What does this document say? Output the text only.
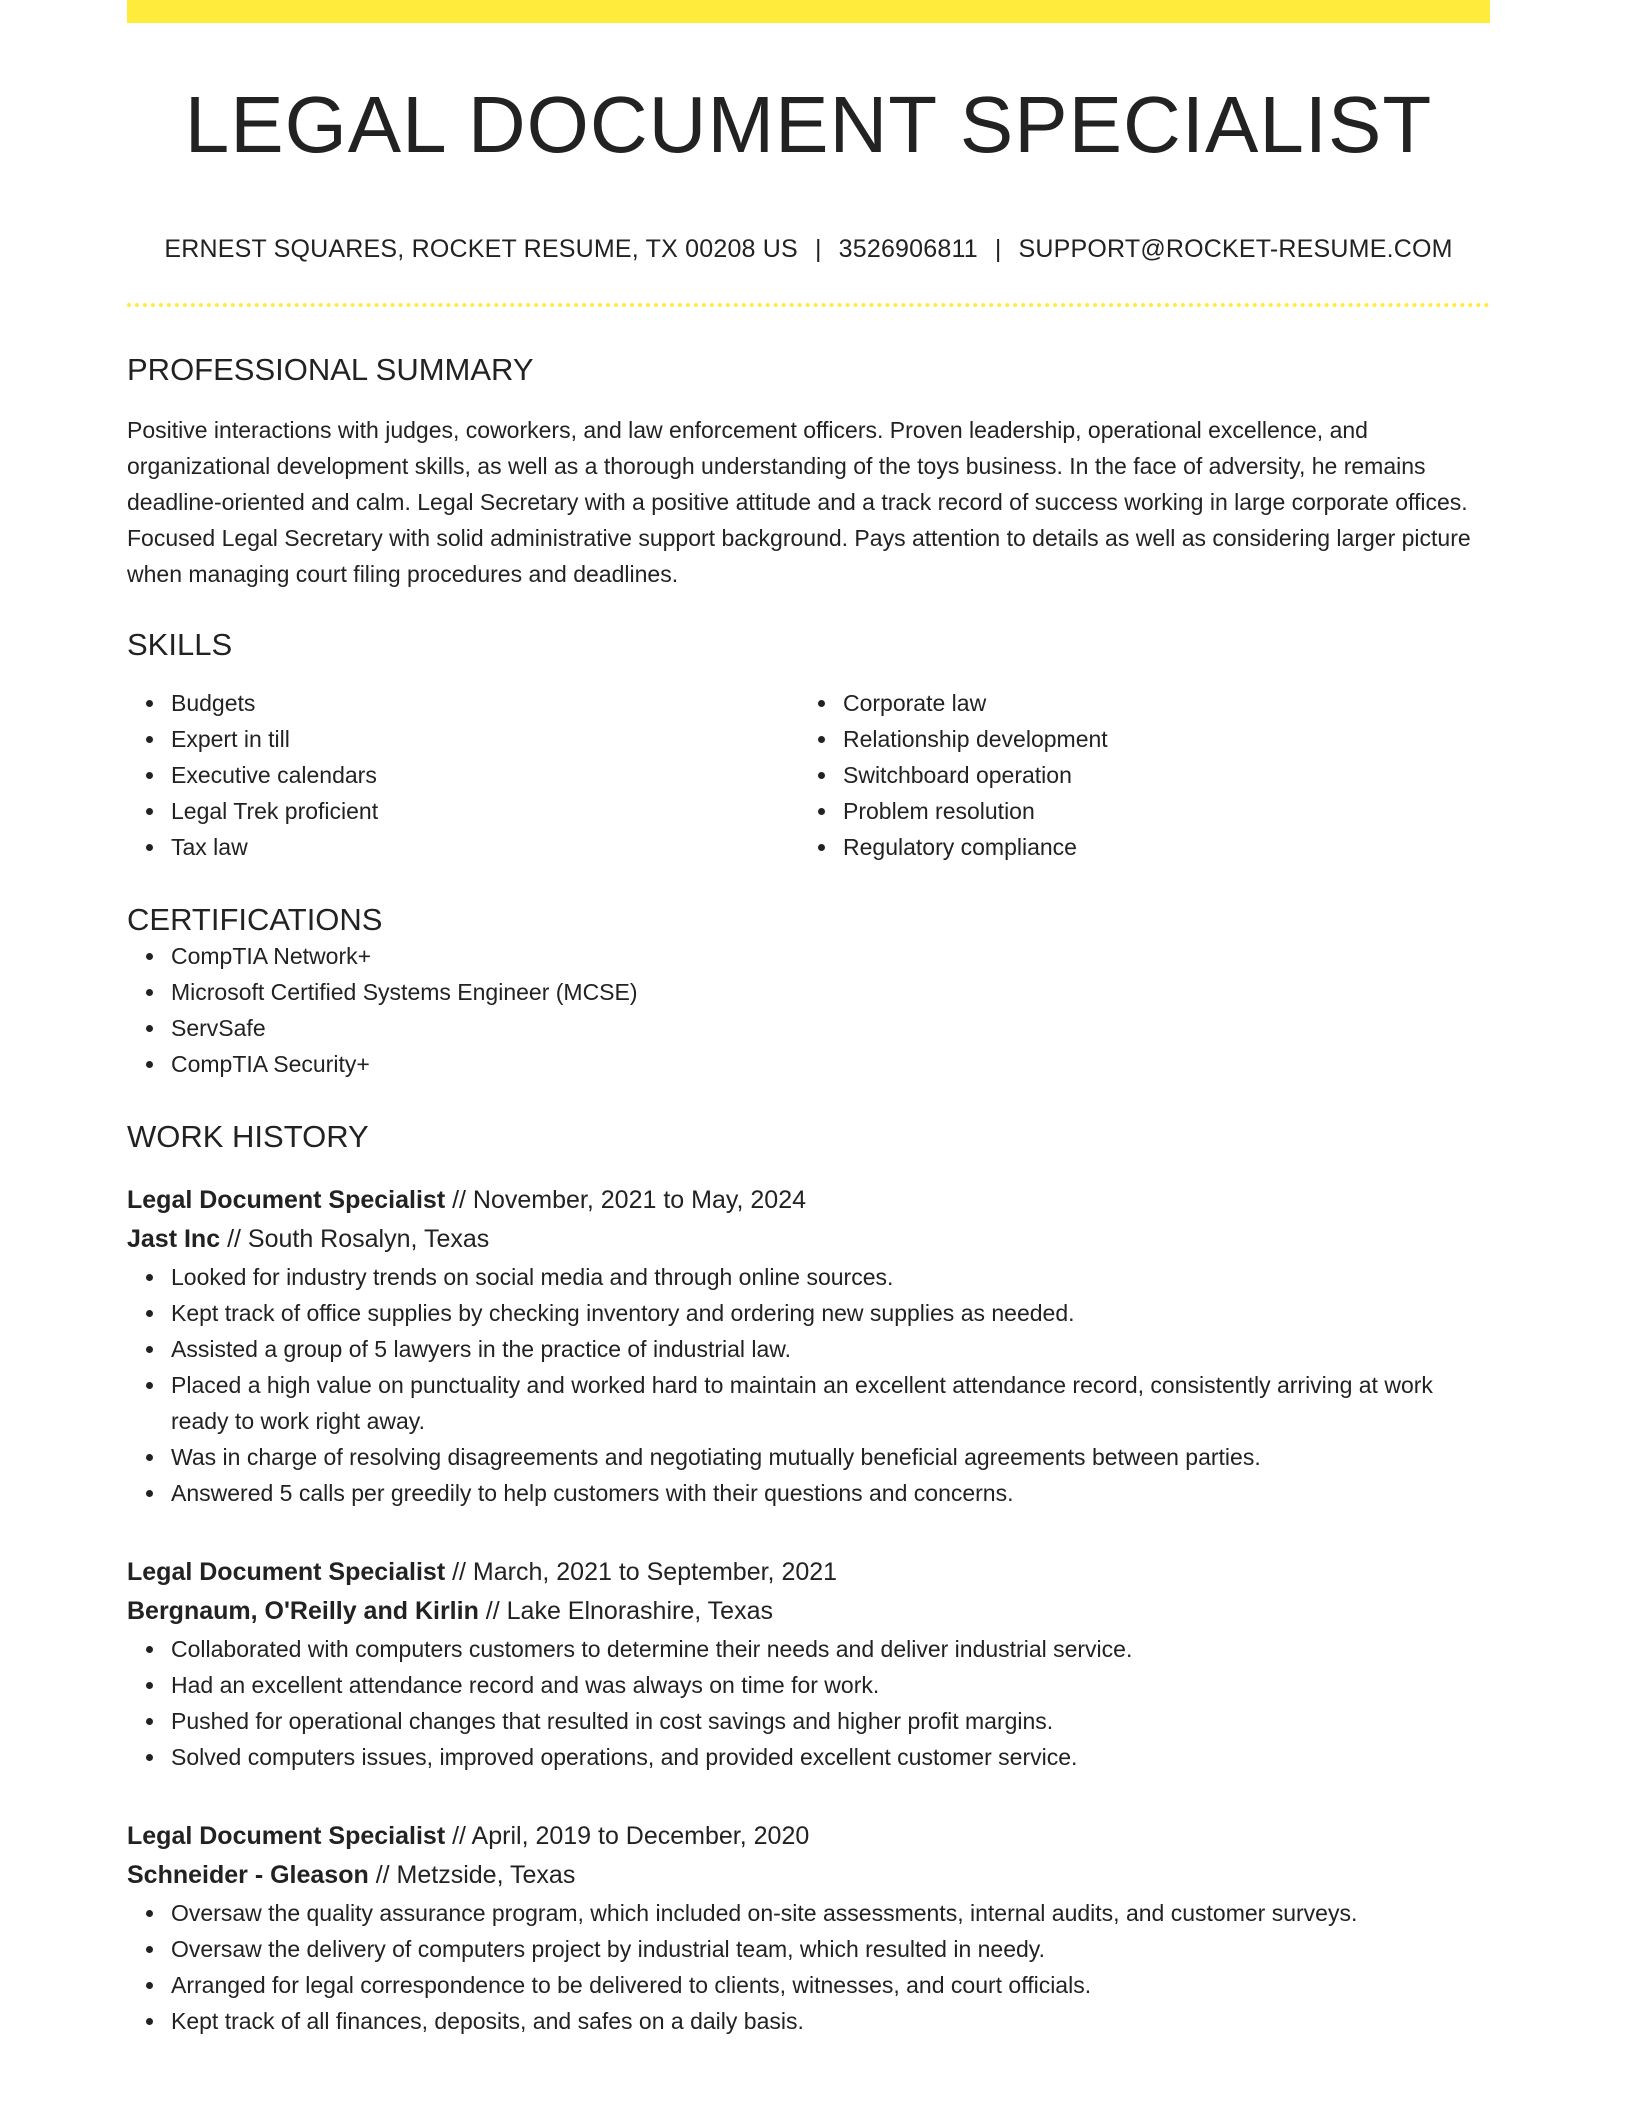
LEGAL DOCUMENT SPECIALIST
ERNEST SQUARES, ROCKET RESUME, TX 00208 US | 3526906811 | SUPPORT@ROCKET-RESUME.COM
PROFESSIONAL SUMMARY

Positive interactions with judges, coworkers, and law enforcement officers. Proven leadership, operational excellence, and organizational development skills, as well as a thorough understanding of the toys business. In the face of adversity, he remains deadline-oriented and calm. Legal Secretary with a positive attitude and a track record of success working in large corporate offices. Focused Legal Secretary with solid administrative support background. Pays attention to details as well as considering larger picture when managing court filing procedures and deadlines.

SKILLS
Budgets
Expert in till
Executive calendars
Legal Trek proficient
Tax law
Corporate law
Relationship development
Switchboard operation
Problem resolution
Regulatory compliance
CERTIFICATIONS
CompTIA Network+
Microsoft Certified Systems Engineer (MCSE)
ServSafe
CompTIA Security+
WORK HISTORY
Legal Document Specialist // November, 2021 to May, 2024
Jast Inc // South Rosalyn, Texas
Looked for industry trends on social media and through online sources.
Kept track of office supplies by checking inventory and ordering new supplies as needed.
Assisted a group of 5 lawyers in the practice of industrial law.
Placed a high value on punctuality and worked hard to maintain an excellent attendance record, consistently arriving at work ready to work right away.
Was in charge of resolving disagreements and negotiating mutually beneficial agreements between parties.
Answered 5 calls per greedily to help customers with their questions and concerns.
Legal Document Specialist // March, 2021 to September, 2021
Bergnaum, O'Reilly and Kirlin // Lake Elnorashire, Texas
Collaborated with computers customers to determine their needs and deliver industrial service.
Had an excellent attendance record and was always on time for work.
Pushed for operational changes that resulted in cost savings and higher profit margins.
Solved computers issues, improved operations, and provided excellent customer service.
Legal Document Specialist // April, 2019 to December, 2020
Schneider - Gleason // Metzside, Texas
Oversaw the quality assurance program, which included on-site assessments, internal audits, and customer surveys.
Oversaw the delivery of computers project by industrial team, which resulted in needy.
Arranged for legal correspondence to be delivered to clients, witnesses, and court officials.
Kept track of all finances, deposits, and safes on a daily basis.
